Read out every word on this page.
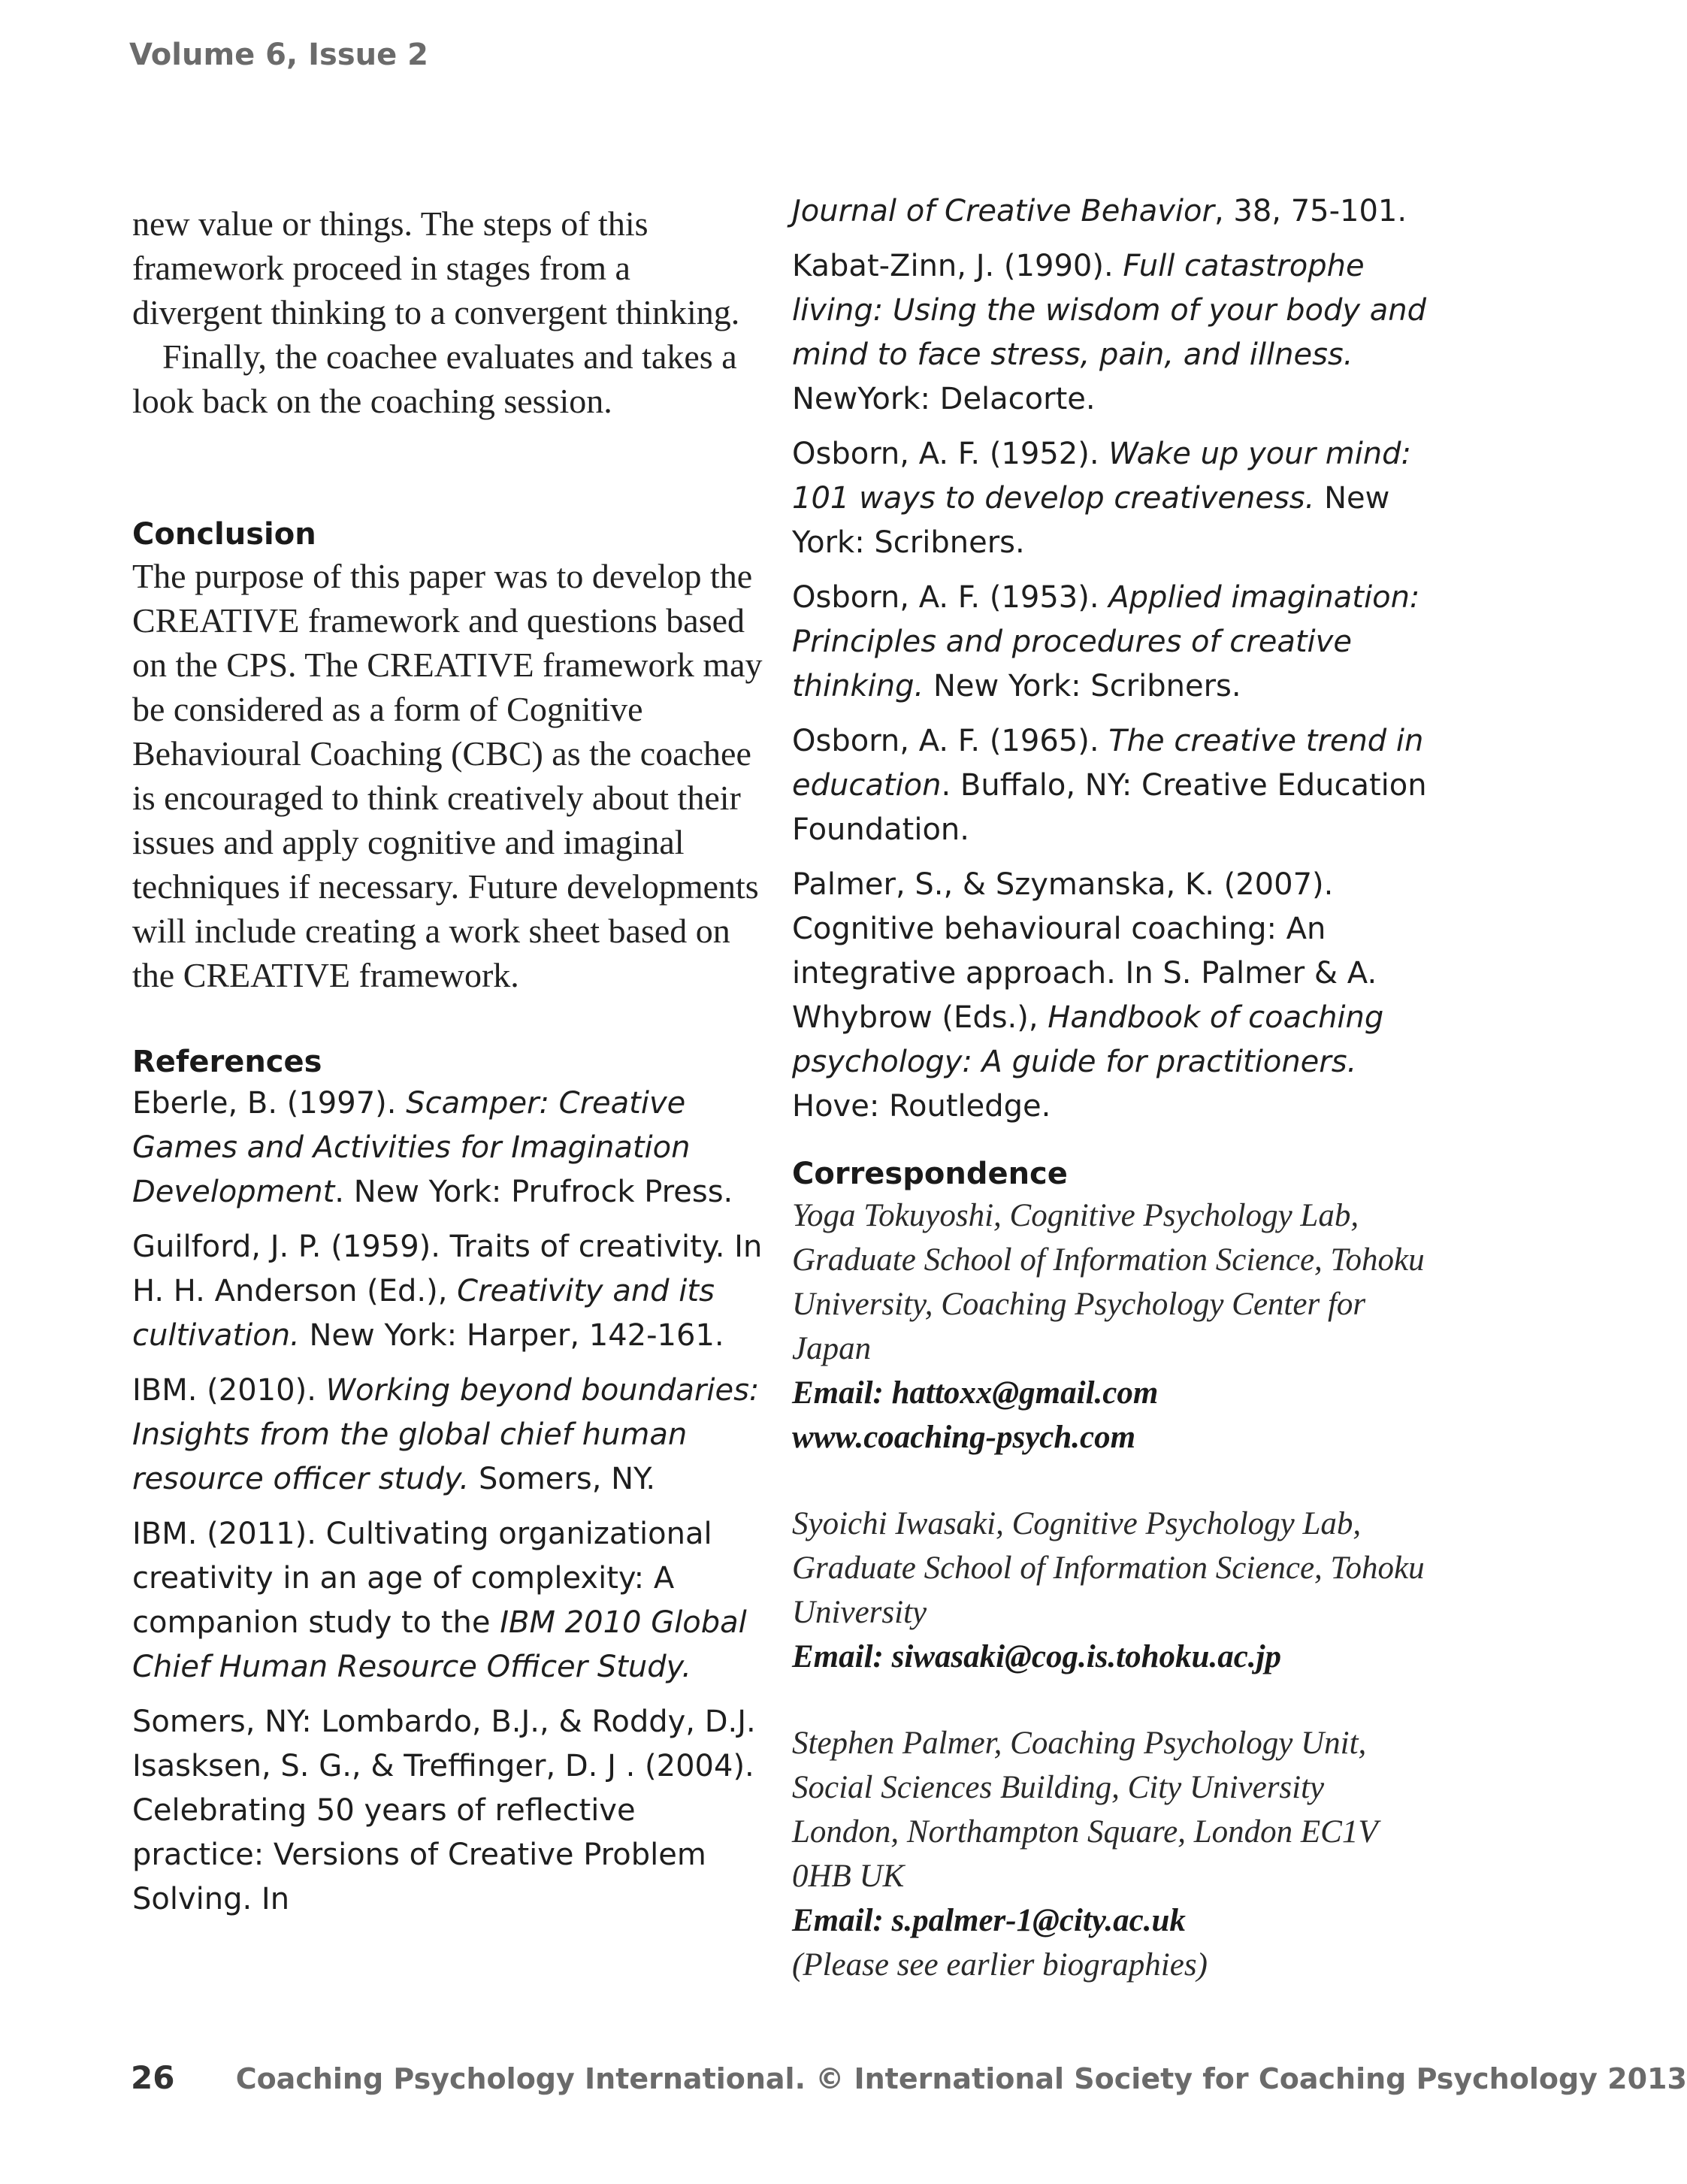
Volume 6, Issue 2

new value or things. The steps of this framework proceed in stages from a divergent thinking to a convergent thinking.

Finally, the coachee evaluates and takes a look back on the coaching session.

Conclusion

The purpose of this paper was to develop the CREATIVE framework and questions based on the CPS. The CREATIVE framework may be considered as a form of Cognitive Behavioural Coaching (CBC) as the coachee is encouraged to think creatively about their issues and apply cognitive and imaginal techniques if necessary. Future developments will include creating a work sheet based on the CREATIVE framework.

References

Eberle, B. (1997). Scamper: Creative Games and Activities for Imagination Development. New York: Prufrock Press.

Guilford, J. P. (1959). Traits of creativity. In H. H. Anderson (Ed.), Creativity and its cultivation. New York: Harper, 142-161.

IBM. (2010). Working beyond boundaries: Insights from the global chief human resource officer study. Somers, NY.

IBM. (2011). Cultivating organizational creativity in an age of complexity: A companion study to the IBM 2010 Global Chief Human Resource Officer Study.

Somers, NY: Lombardo, B.J., & Roddy, D.J. Isasksen, S. G., & Treffinger, D. J . (2004). Celebrating 50 years of reflective practice: Versions of Creative Problem Solving. In

Journal of Creative Behavior, 38, 75-101.

Kabat-Zinn, J. (1990). Full catastrophe living: Using the wisdom of your body and mind to face stress, pain, and illness. NewYork: Delacorte.

Osborn, A. F. (1952). Wake up your mind: 101 ways to develop creativeness. New York: Scribners.

Osborn, A. F. (1953). Applied imagination: Principles and procedures of creative thinking. New York: Scribners.

Osborn, A. F. (1965). The creative trend in education. Buffalo, NY: Creative Education Foundation.

Palmer, S., & Szymanska, K. (2007). Cognitive behavioural coaching: An integrative approach. In S. Palmer & A. Whybrow (Eds.), Handbook of coaching psychology: A guide for practitioners. Hove: Routledge.

Correspondence

Yoga Tokuyoshi, Cognitive Psychology Lab, Graduate School of Information Science, Tohoku University, Coaching Psychology Center for Japan

Email: hattoxx@gmail.com

www.coaching-psych.com

Syoichi Iwasaki, Cognitive Psychology Lab, Graduate School of Information Science, Tohoku University

Email: siwasaki@cog.is.tohoku.ac.jp

Stephen Palmer, Coaching Psychology Unit, Social Sciences Building, City University London, Northampton Square, London EC1V 0HB UK

Email: s.palmer-1@city.ac.uk

(Please see earlier biographies)

26 Coaching Psychology International. © International Society for Coaching Psychology 2013
